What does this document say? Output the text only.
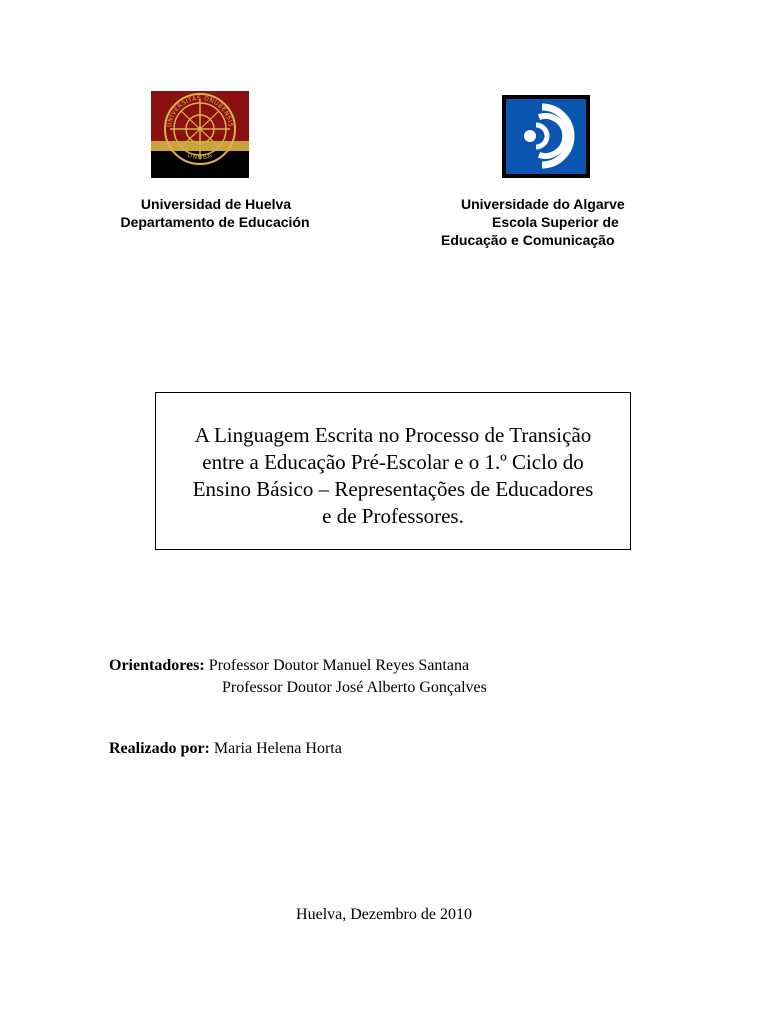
UNIVERSITAS ONUBENSIS
ONUBA
Universidad de Huelva
Departamento de Educación
Universidade do Algarve
Escola Superior de
Educação e Comunicação
A Linguagem Escrita no Processo de Transição
entre a Educação Pré-Escolar e o 1.º Ciclo do
Ensino Básico – Representações de Educadores
e de Professores.
Orientadores: Professor Doutor Manuel Reyes Santana
Professor Doutor José Alberto Gonçalves
Realizado por: Maria Helena Horta
Huelva, Dezembro de 2010
